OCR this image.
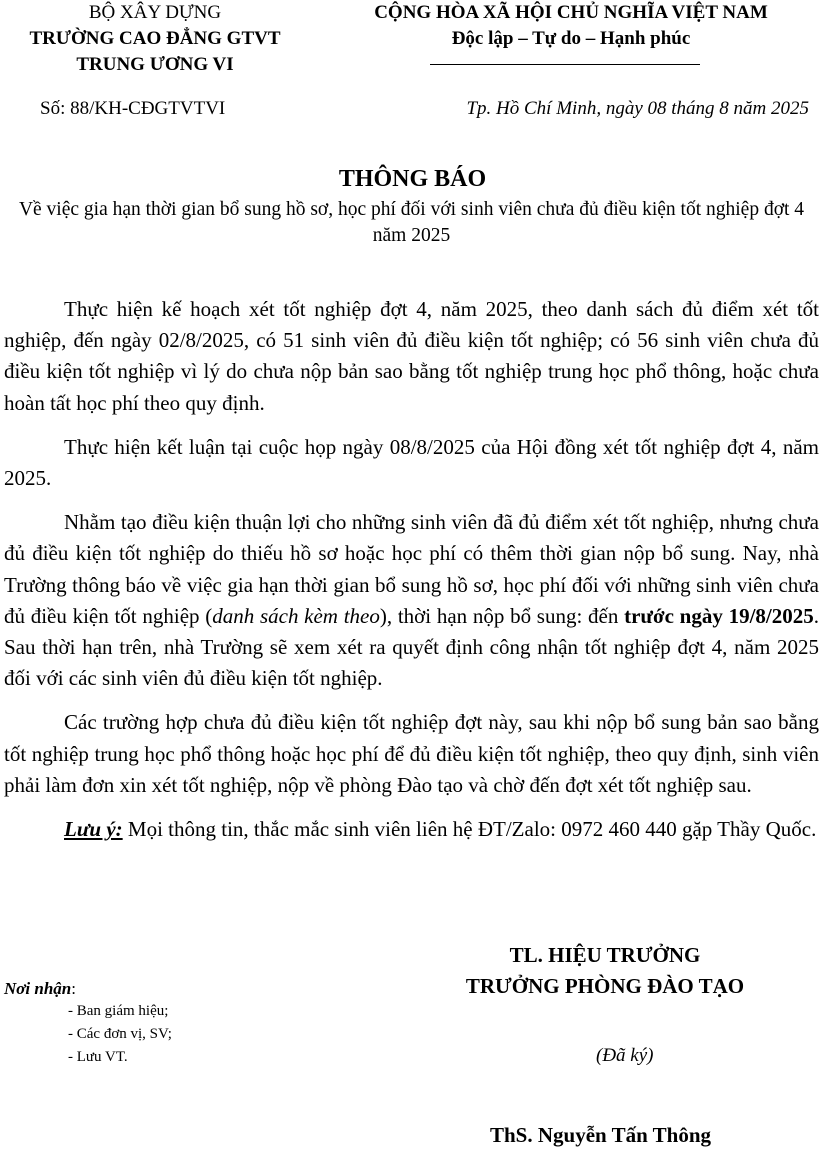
BỘ XÂY DỰNG
TRƯỜNG CAO ĐẲNG GTVT
TRUNG ƯƠNG VI
CỘNG HÒA XÃ HỘI CHỦ NGHĨA VIỆT NAM
Độc lập – Tự do – Hạnh phúc
Số: 88/KH-CĐGTVTVI	Tp. Hồ Chí Minh, ngày 08 tháng 8 năm 2025
THÔNG BÁO
Về việc gia hạn thời gian bổ sung hồ sơ, học phí đối với sinh viên chưa đủ điều kiện tốt nghiệp đợt 4 năm 2025

Thực hiện kế hoạch xét tốt nghiệp đợt 4, năm 2025, theo danh sách đủ điểm xét tốt nghiệp, đến ngày 02/8/2025, có 51 sinh viên đủ điều kiện tốt nghiệp; có 56 sinh viên chưa đủ điều kiện tốt nghiệp vì lý do chưa nộp bản sao bằng tốt nghiệp trung học phổ thông, hoặc chưa hoàn tất học phí theo quy định.

Thực hiện kết luận tại cuộc họp ngày 08/8/2025 của Hội đồng xét tốt nghiệp đợt 4, năm 2025.

Nhằm tạo điều kiện thuận lợi cho những sinh viên đã đủ điểm xét tốt nghiệp, nhưng chưa đủ điều kiện tốt nghiệp do thiếu hồ sơ hoặc học phí có thêm thời gian nộp bổ sung. Nay, nhà Trường thông báo về việc gia hạn thời gian bổ sung hồ sơ, học phí đối với những sinh viên chưa đủ điều kiện tốt nghiệp (danh sách kèm theo), thời hạn nộp bổ sung: đến trước ngày 19/8/2025. Sau thời hạn trên, nhà Trường sẽ xem xét ra quyết định công nhận tốt nghiệp đợt 4, năm 2025 đối với các sinh viên đủ điều kiện tốt nghiệp.

Các trường hợp chưa đủ điều kiện tốt nghiệp đợt này, sau khi nộp bổ sung bản sao bằng tốt nghiệp trung học phổ thông hoặc học phí để đủ điều kiện tốt nghiệp, theo quy định, sinh viên phải làm đơn xin xét tốt nghiệp, nộp về phòng Đào tạo và chờ đến đợt xét tốt nghiệp sau.

Lưu ý: Mọi thông tin, thắc mắc sinh viên liên hệ ĐT/Zalo: 0972 460 440 gặp Thầy Quốc.

TL. HIỆU TRƯỞNG
TRƯỞNG PHÒNG ĐÀO TẠO
Nơi nhận:
- Ban giám hiệu;
- Các đơn vị, SV;
- Lưu VT.	(Đã ký)
ThS. Nguyễn Tấn Thông
